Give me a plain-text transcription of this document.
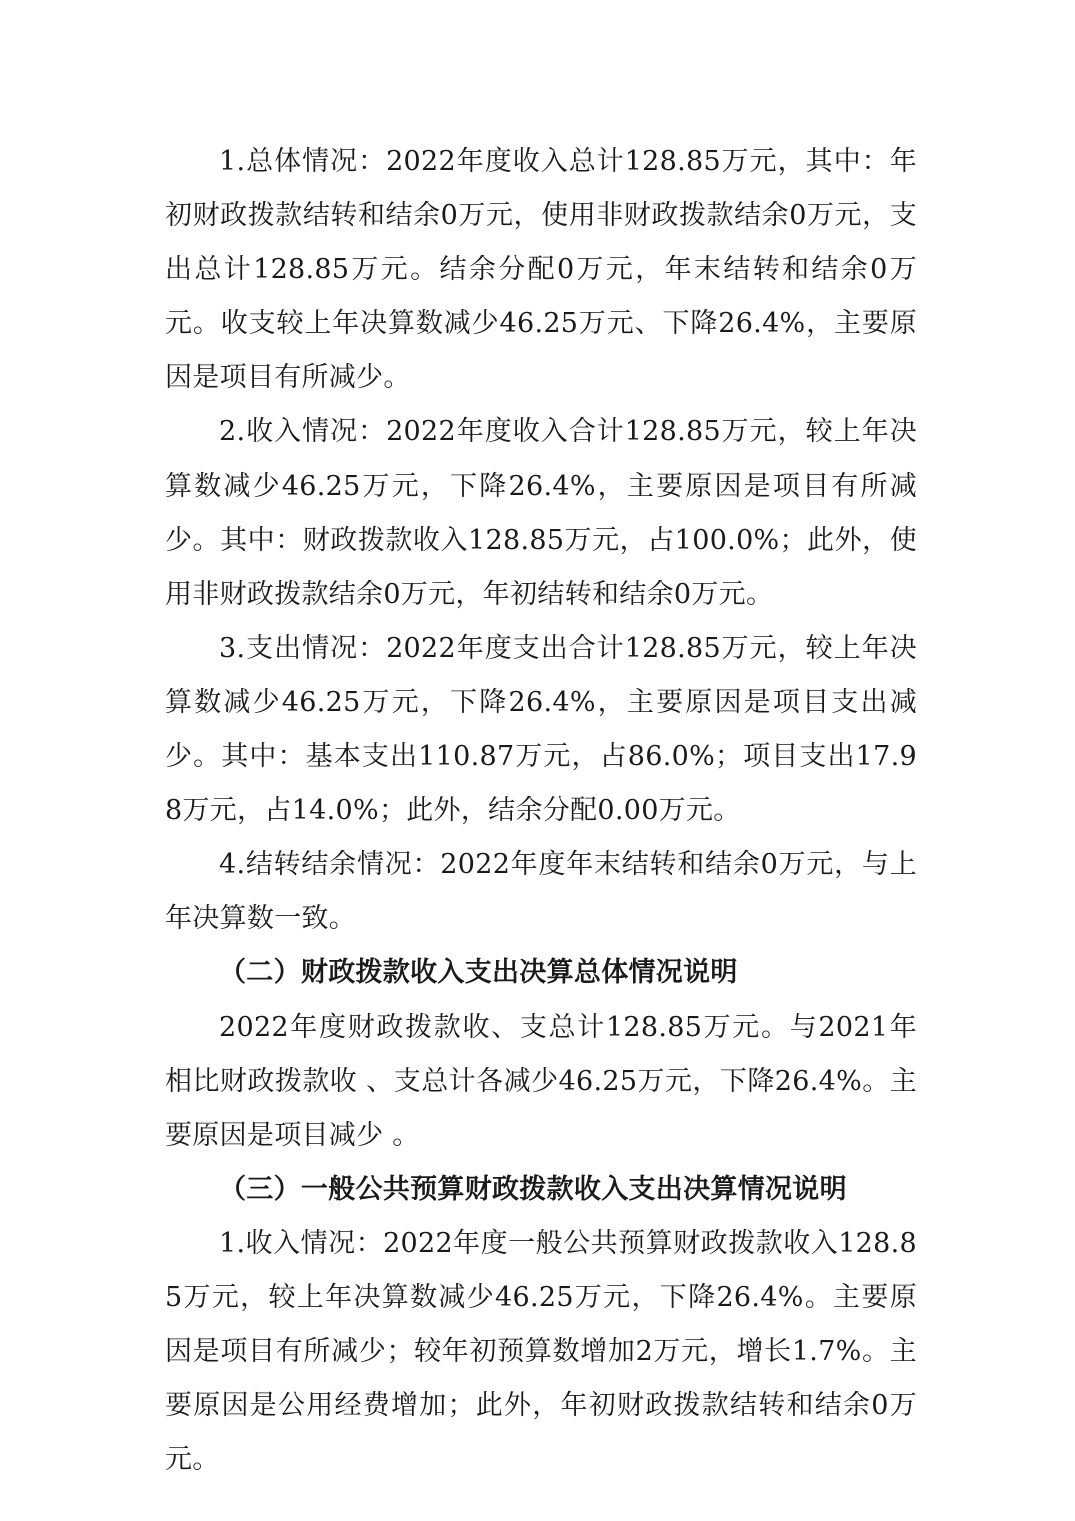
1.总体情况：2022年度收入总计128.85万元，其中：年初财政拨款结转和结余0万元，使用非财政拨款结余0万元，支出总计128.85万元。结余分配0万元，年末结转和结余0万元。收支较上年决算数减少46.25万元、下降26.4%，主要原因是项目有所减少。

2.收入情况：2022年度收入合计128.85万元，较上年决算数减少46.25万元，下降26.4%，主要原因是项目有所减少。其中：财政拨款收入128.85万元，占100.0%；此外，使用非财政拨款结余0万元，年初结转和结余0万元。

3.支出情况：2022年度支出合计128.85万元，较上年决算数减少46.25万元，下降26.4%，主要原因是项目支出减少。其中：基本支出110.87万元，占86.0%；项目支出17.98万元，占14.0%；此外，结余分配0.00万元。

4.结转结余情况：2022年度年末结转和结余0万元，与上年决算数一致。

（二）财政拨款收入支出决算总体情况说明

2022年度财政拨款收、支总计128.85万元。与2021年相比财政拨款收 、支总计各减少46.25万元，下降26.4%。主要原因是项目减少 。

（三）一般公共预算财政拨款收入支出决算情况说明

1.收入情况：2022年度一般公共预算财政拨款收入128.85万元，较上年决算数减少46.25万元，下降26.4%。主要原因是项目有所减少；较年初预算数增加2万元，增长1.7%。主要原因是公用经费增加；此外，年初财政拨款结转和结余0万元。
